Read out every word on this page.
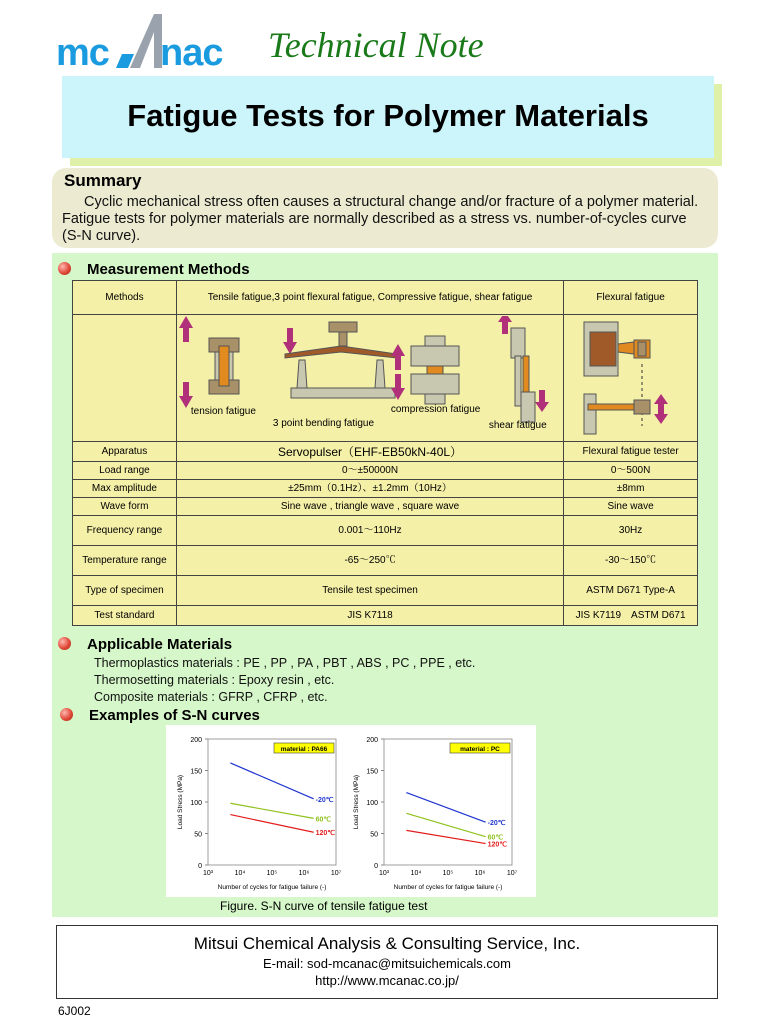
mc nac Technical Note
Fatigue Tests for Polymer Materials
Summary
Cyclic mechanical stress often causes a structural change and/or fracture of a polymer material. Fatigue tests for polymer materials are normally described as a stress vs. number-of-cycles curve (S-N curve).
Measurement Methods
Methods	Tensile fatigue,3 point flexural fatigue, Compressive fatigue, shear fatigue	Flexural fatigue

	tension fatigue
3 point bending fatigue
compression fatigue
shear fatigue

Apparatus	Servopulser（EHF-EB50kN-40L）	Flexural fatigue tester
Load range	0～±50000N	0～500N
Max amplitude	±25mm（0.1Hz）、±1.2mm（10Hz）	±8mm
Wave form	Sine wave , triangle wave , square wave	Sine wave
Frequency range	0.001～110Hz	30Hz
Temperature range	-65～250℃	-30～150℃
Type of specimen	Tensile test specimen	ASTM D671 Type-A
Test standard	JIS K7118	JIS K7119　ASTM D671
Applicable Materials
Thermoplastics materials : PE , PP , PA , PBT , ABS , PC , PPE , etc.
Thermosetting materials : Epoxy resin , etc.
Composite materials : GFRP , CFRP , etc.
Examples of S-N curves
0
50
100
150
200
10³	10⁴	10⁵	10⁶	10⁷
Number of cycles for fatigue failure (-)
Load Stress (MPa)
material : PA66
-20℃
60℃
120℃
0
50
100
150
200
10³	10⁴	10⁵	10⁶	10⁷
Number of cycles for fatigue failure (-)
Load Stress (MPa)
material : PC
-20℃
60℃
120℃
Figure. S-N curve of tensile fatigue test
Mitsui Chemical Analysis & Consulting Service, Inc.
E-mail: sod-mcanac@mitsuichemicals.com
http://www.mcanac.co.jp/
6J002
